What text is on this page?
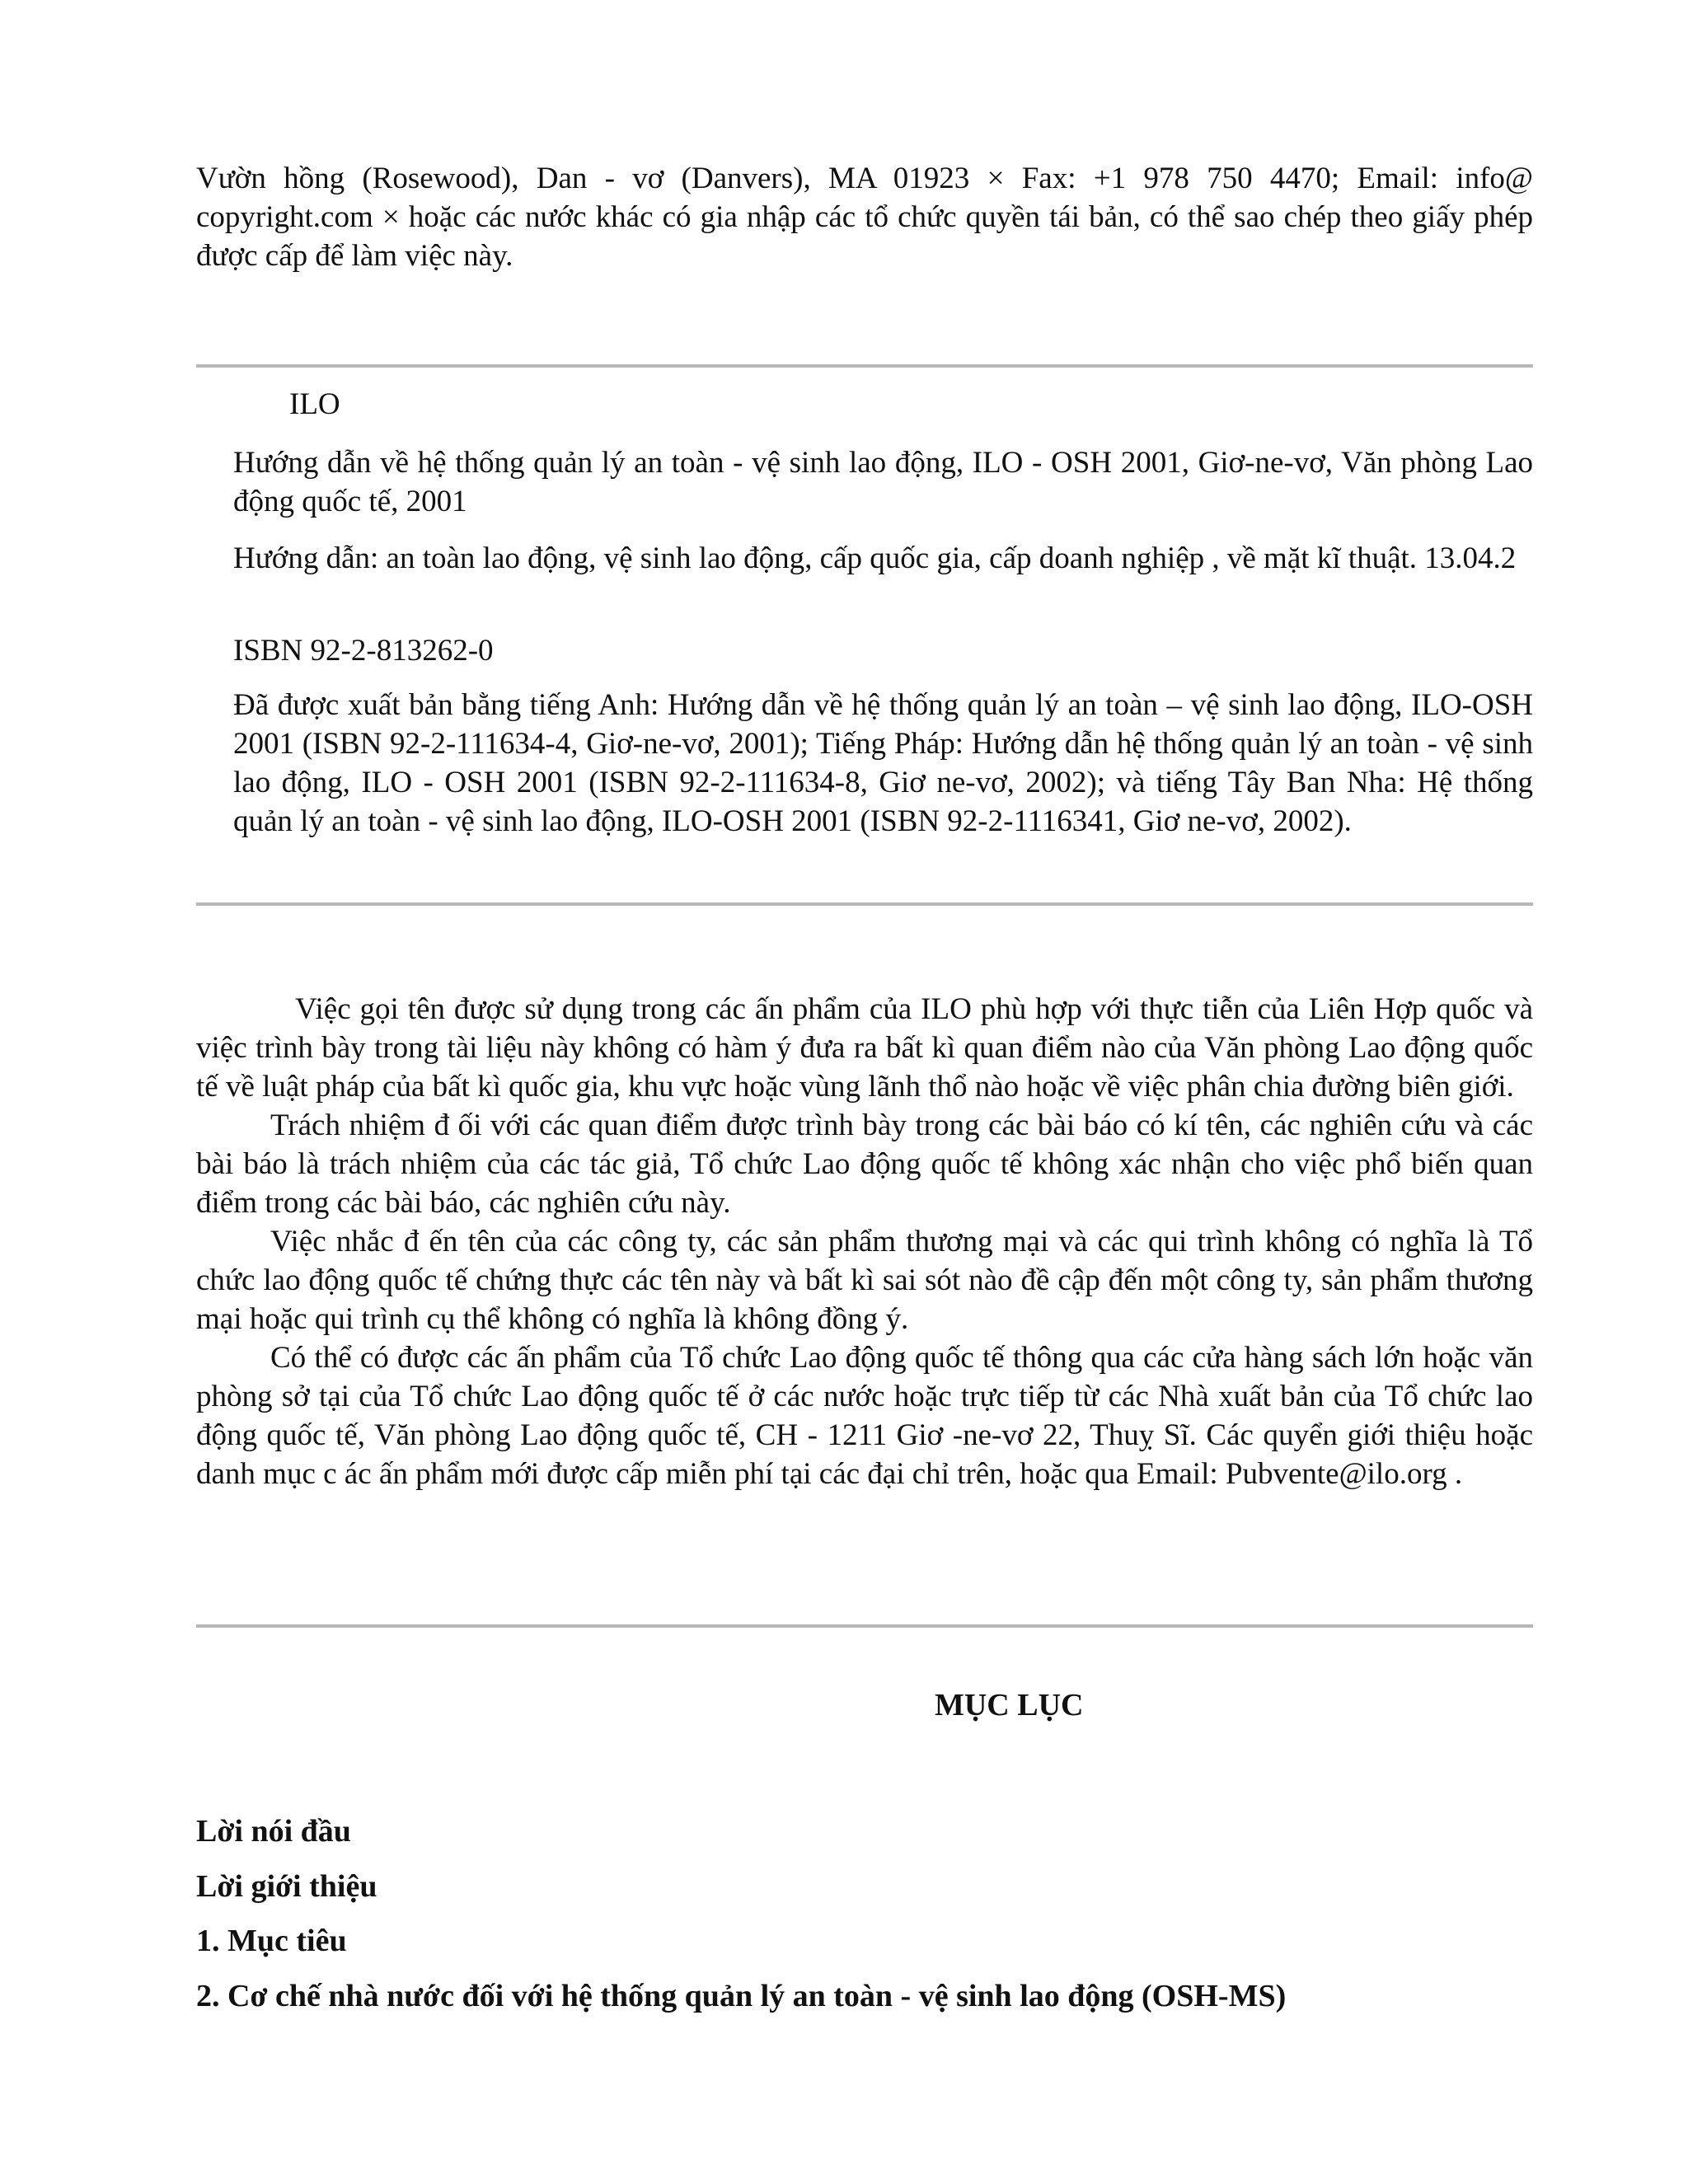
Vườn hồng (Rosewood), Dan - vơ (Danvers), MA 01923 × Fax: +1 978 750 4470; Email: info@ copyright.com × hoặc các nước khác có gia nhập các tổ chức quyền tái bản, có thể sao chép theo giấy phép được cấp để làm việc này.

ILO

Hướng dẫn về hệ thống quản lý an toàn - vệ sinh lao động, ILO - OSH 2001, Giơ-ne-vơ, Văn phòng Lao động quốc tế, 2001

Hướng dẫn: an toàn lao động, vệ sinh lao động, cấp quốc gia, cấp doanh nghiệp , về mặt kĩ thuật. 13.04.2

ISBN 92-2-813262-0

Đã được xuất bản bằng tiếng Anh: Hướng dẫn về hệ thống quản lý an toàn – vệ sinh lao động, ILO-OSH 2001 (ISBN 92-2-111634-4, Giơ-ne-vơ, 2001); Tiếng Pháp: Hướng dẫn hệ thống quản lý an toàn - vệ sinh lao động, ILO - OSH 2001 (ISBN 92-2-111634-8, Giơ ne-vơ, 2002); và tiếng Tây Ban Nha: Hệ thống quản lý an toàn - vệ sinh lao động, ILO-OSH 2001 (ISBN 92-2-1116341, Giơ ne-vơ, 2002).

Việc gọi tên được sử dụng trong các ấn phẩm của ILO phù hợp với thực tiễn của Liên Hợp quốc và việc trình bày trong tài liệu này không có hàm ý đưa ra bất kì quan điểm nào của Văn phòng Lao động quốc tế về luật pháp của bất kì quốc gia, khu vực hoặc vùng lãnh thổ nào hoặc về việc phân chia đường biên giới.

Trách nhiệm đ ối với các quan điểm được trình bày trong các bài báo có kí tên, các nghiên cứu và các bài báo là trách nhiệm của các tác giả, Tổ chức Lao động quốc tế không xác nhận cho việc phổ biến quan điểm trong các bài báo, các nghiên cứu này.

Việc nhắc đ ến tên của các công ty, các sản phẩm thương mại và các qui trình không có nghĩa là Tổ chức lao động quốc tế chứng thực các tên này và bất kì sai sót nào đề cập đến một công ty, sản phẩm thương mại hoặc qui trình cụ thể không có nghĩa là không đồng ý.

Có thể có được các ấn phẩm của Tổ chức Lao động quốc tế thông qua các cửa hàng sách lớn hoặc văn phòng sở tại của Tổ chức Lao động quốc tế ở các nước hoặc trực tiếp từ các Nhà xuất bản của Tổ chức lao động quốc tế, Văn phòng Lao động quốc tế, CH - 1211 Giơ -ne-vơ 22, Thuỵ Sĩ. Các quyển giới thiệu hoặc danh mục c ác ấn phẩm mới được cấp miễn phí tại các đại chỉ trên, hoặc qua Email: Pubvente@ilo.org .

MỤC LỤC

Lời nói đầu

Lời giới thiệu

1. Mục tiêu

2. Cơ chế nhà nước đối với hệ thống quản lý an toàn - vệ sinh lao động (OSH-MS)
